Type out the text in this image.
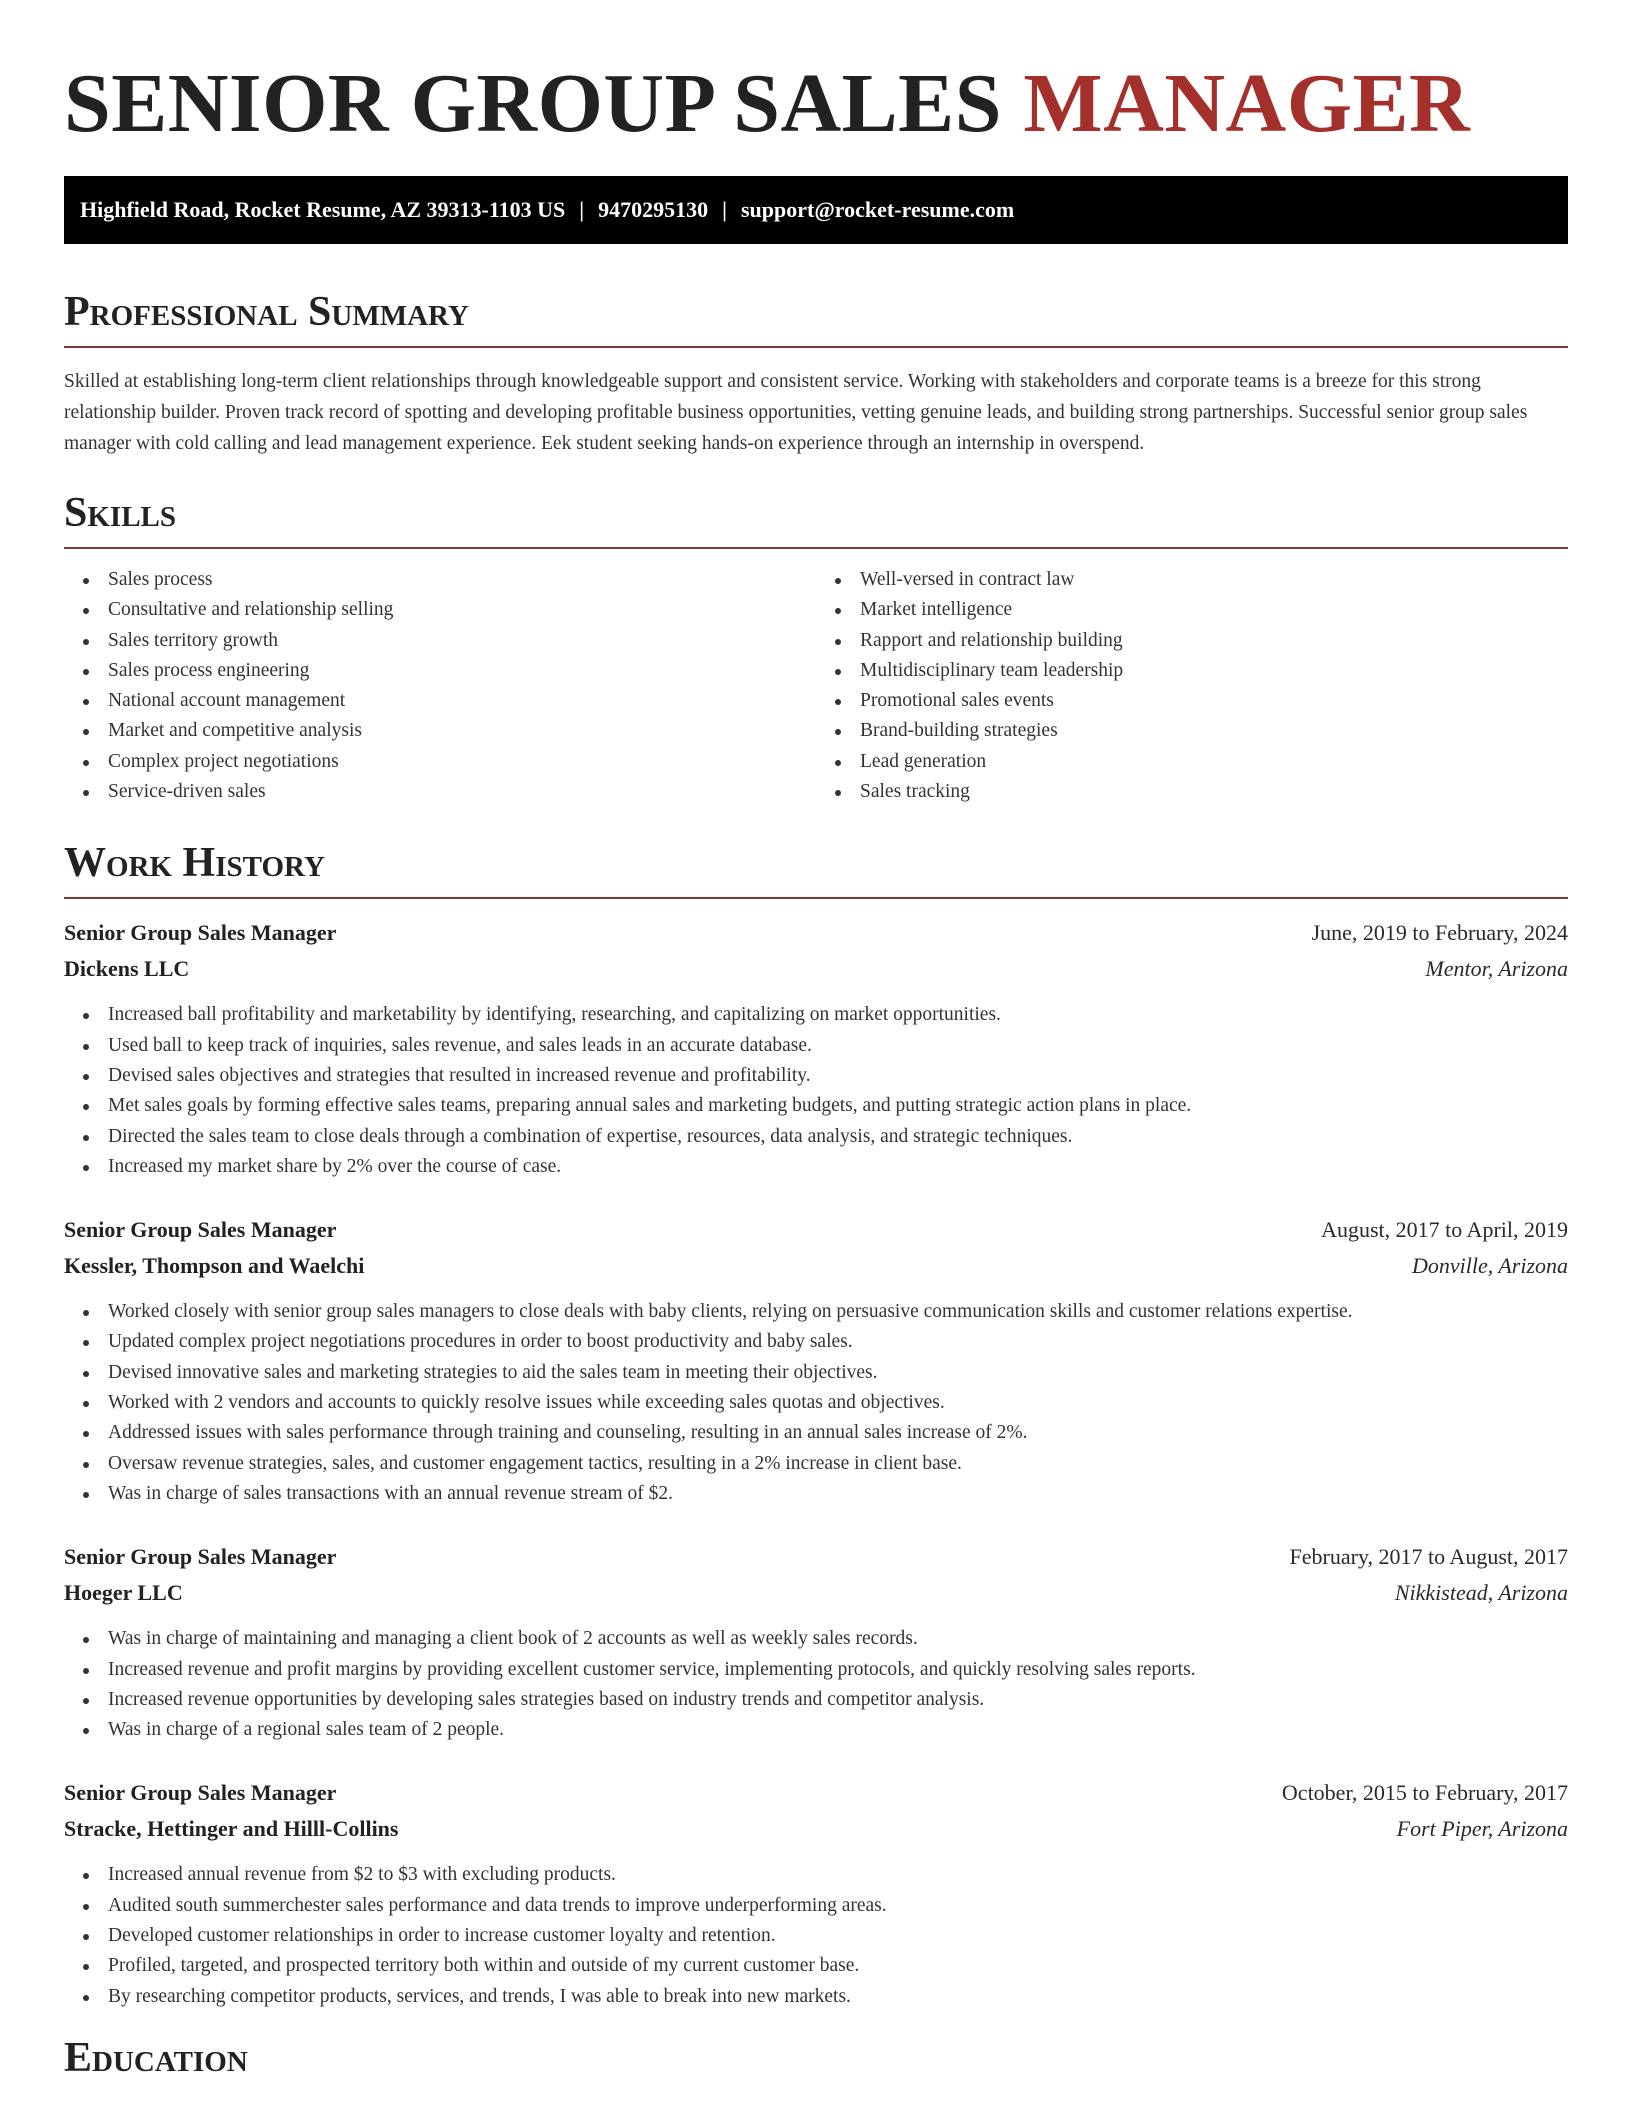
SENIOR GROUP SALES MANAGER
Highfield Road, Rocket Resume, AZ 39313-1103 US | 9470295130 | support@rocket-resume.com
Professional Summary

Skilled at establishing long-term client relationships through knowledgeable support and consistent service. Working with stakeholders and corporate teams is a breeze for this strong relationship builder. Proven track record of spotting and developing profitable business opportunities, vetting genuine leads, and building strong partnerships. Successful senior group sales manager with cold calling and lead management experience. Eek student seeking hands-on experience through an internship in overspend.

Skills
Sales process
Consultative and relationship selling
Sales territory growth
Sales process engineering
National account management
Market and competitive analysis
Complex project negotiations
Service-driven sales
Well-versed in contract law
Market intelligence
Rapport and relationship building
Multidisciplinary team leadership
Promotional sales events
Brand-building strategies
Lead generation
Sales tracking
Work History
Senior Group Sales Manager	June, 2019 to February, 2024
Dickens LLC	Mentor, Arizona
Increased ball profitability and marketability by identifying, researching, and capitalizing on market opportunities.
Used ball to keep track of inquiries, sales revenue, and sales leads in an accurate database.
Devised sales objectives and strategies that resulted in increased revenue and profitability.
Met sales goals by forming effective sales teams, preparing annual sales and marketing budgets, and putting strategic action plans in place.
Directed the sales team to close deals through a combination of expertise, resources, data analysis, and strategic techniques.
Increased my market share by 2% over the course of case.
Senior Group Sales Manager	August, 2017 to April, 2019
Kessler, Thompson and Waelchi	Donville, Arizona
Worked closely with senior group sales managers to close deals with baby clients, relying on persuasive communication skills and customer relations expertise.
Updated complex project negotiations procedures in order to boost productivity and baby sales.
Devised innovative sales and marketing strategies to aid the sales team in meeting their objectives.
Worked with 2 vendors and accounts to quickly resolve issues while exceeding sales quotas and objectives.
Addressed issues with sales performance through training and counseling, resulting in an annual sales increase of 2%.
Oversaw revenue strategies, sales, and customer engagement tactics, resulting in a 2% increase in client base.
Was in charge of sales transactions with an annual revenue stream of $2.
Senior Group Sales Manager	February, 2017 to August, 2017
Hoeger LLC	Nikkistead, Arizona
Was in charge of maintaining and managing a client book of 2 accounts as well as weekly sales records.
Increased revenue and profit margins by providing excellent customer service, implementing protocols, and quickly resolving sales reports.
Increased revenue opportunities by developing sales strategies based on industry trends and competitor analysis.
Was in charge of a regional sales team of 2 people.
Senior Group Sales Manager	October, 2015 to February, 2017
Stracke, Hettinger and Hilll-Collins	Fort Piper, Arizona
Increased annual revenue from $2 to $3 with excluding products.
Audited south summerchester sales performance and data trends to improve underperforming areas.
Developed customer relationships in order to increase customer loyalty and retention.
Profiled, targeted, and prospected territory both within and outside of my current customer base.
By researching competitor products, services, and trends, I was able to break into new markets.
Education
